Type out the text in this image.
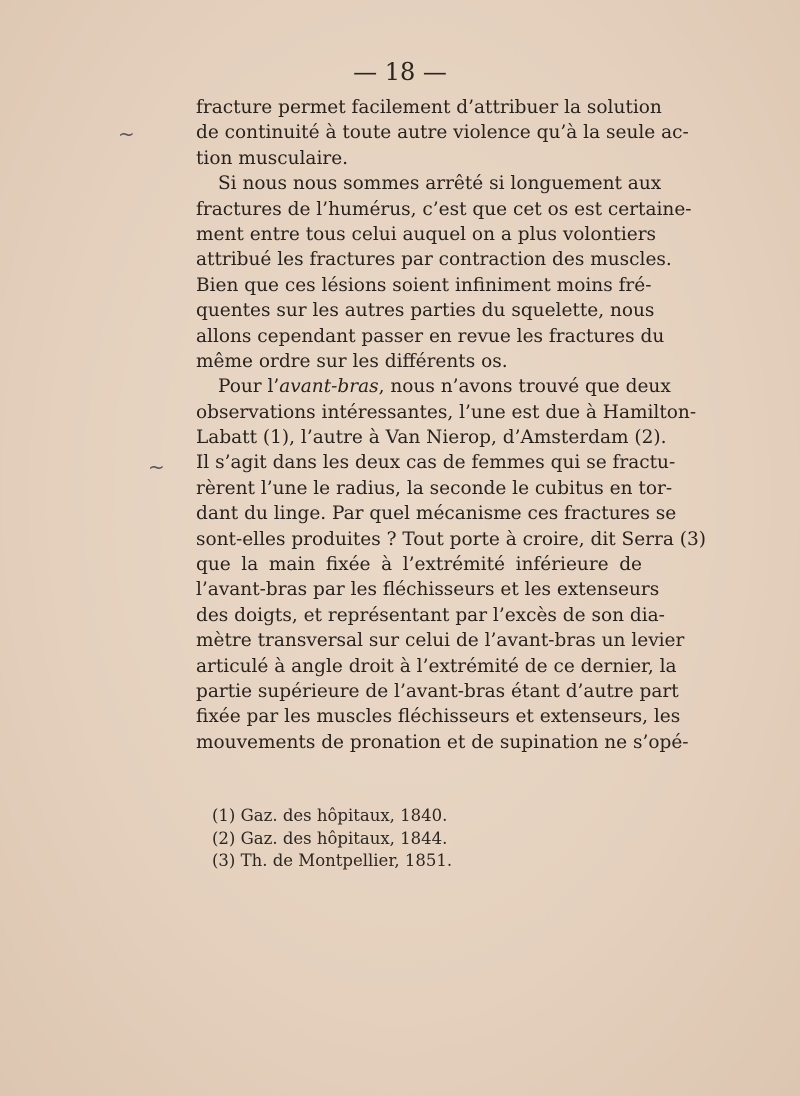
— 18 —
~
~
fracture permet facilement d’attribuer la solution
de continuité à toute autre violence qu’à la seule ac-
tion musculaire.
Si nous nous sommes arrêté si longuement aux
fractures de l’humérus, c’est que cet os est certaine-
ment entre tous celui auquel on a plus volontiers
attribué les fractures par contraction des muscles.
Bien que ces lésions soient infiniment moins fré-
quentes sur les autres parties du squelette, nous
allons cependant passer en revue les fractures du
même ordre sur les différents os.
Pour l’avant-bras, nous n’avons trouvé que deux
observations intéressantes, l’une est due à Hamilton-
Labatt (1), l’autre à Van Nierop, d’Amsterdam (2).
Il s’agit dans les deux cas de femmes qui se fractu-
rèrent l’une le radius, la seconde le cubitus en tor-
dant du linge. Par quel mécanisme ces fractures se
sont-elles produites ? Tout porte à croire, dit Serra (3)
que la main fixée à l’extrémité inférieure de
l’avant-bras par les fléchisseurs et les extenseurs
des doigts, et représentant par l’excès de son dia-
mètre transversal sur celui de l’avant-bras un levier
articulé à angle droit à l’extrémité de ce dernier, la
partie supérieure de l’avant-bras étant d’autre part
fixée par les muscles fléchisseurs et extenseurs, les
mouvements de pronation et de supination ne s’opé-
(1) Gaz. des hôpitaux, 1840.
(2) Gaz. des hôpitaux, 1844.
(3) Th. de Montpellier, 1851.
